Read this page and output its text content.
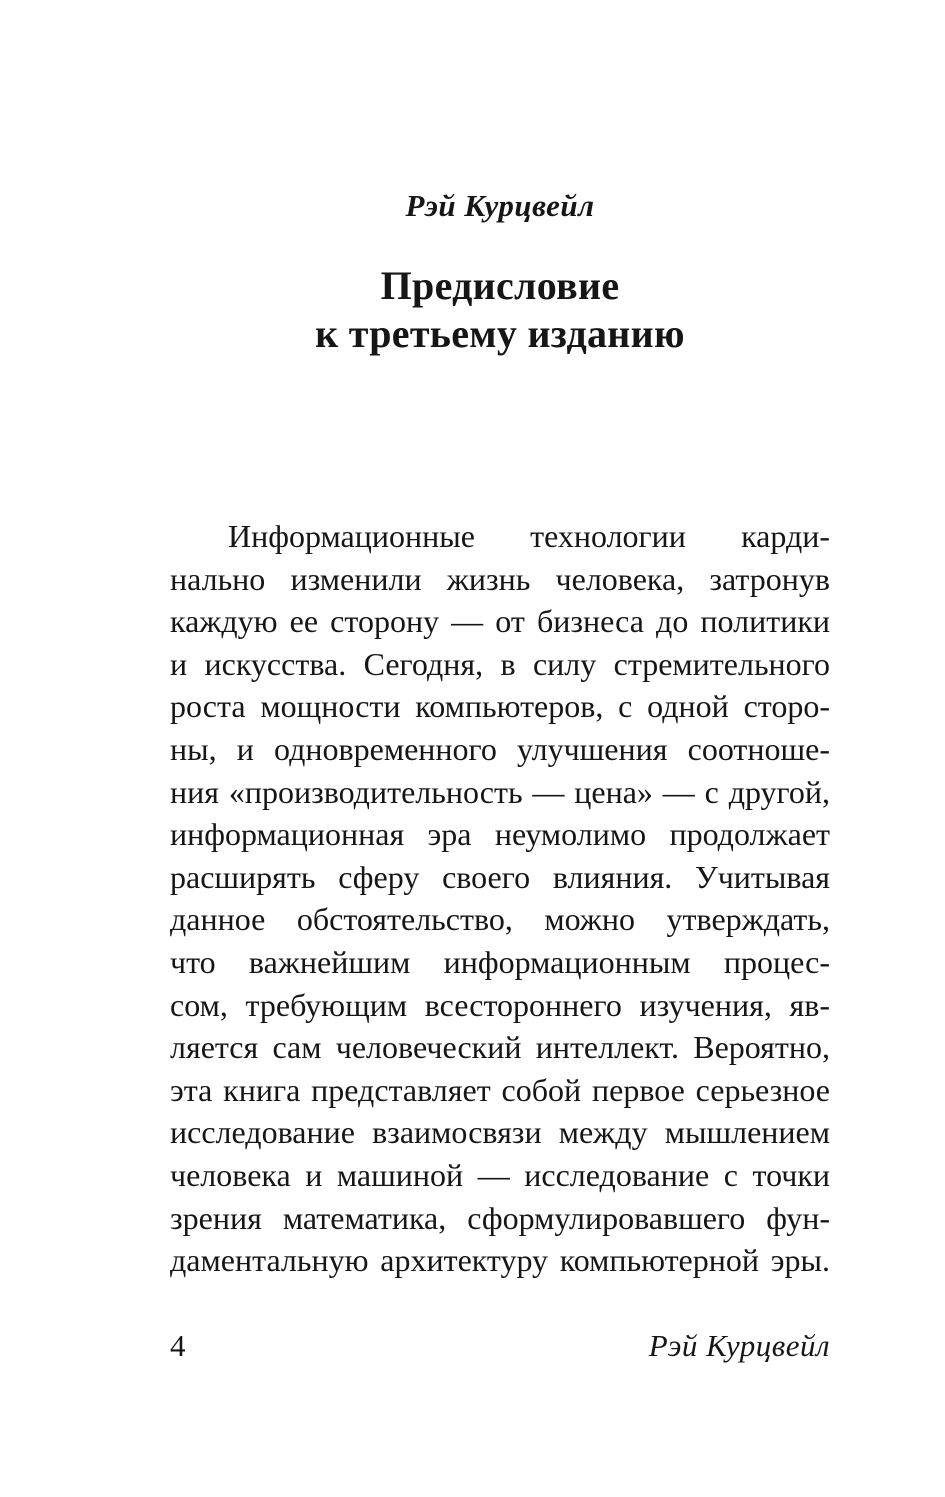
Рэй Курцвейл
Предисловие
к третьему изданию
Информационные технологии карди-
нально изменили жизнь человека, затронув
каждую ее сторону — от бизнеса до политики
и искусства. Сегодня, в силу стремительного
роста мощности компьютеров, с одной сторо-
ны, и одновременного улучшения соотноше-
ния «производительность — цена» — с другой,
информационная эра неумолимо продолжает
расширять сферу своего влияния. Учитывая
данное обстоятельство, можно утверждать,
что важнейшим информационным процес-
сом, требующим всестороннего изучения, яв-
ляется сам человеческий интеллект. Вероятно,
эта книга представляет собой первое серьезное
исследование взаимосвязи между мышлением
человека и машиной — исследование с точки
зрения математика, сформулировавшего фун-
даментальную архитектуру компьютерной эры.
4	Рэй Курцвейл
